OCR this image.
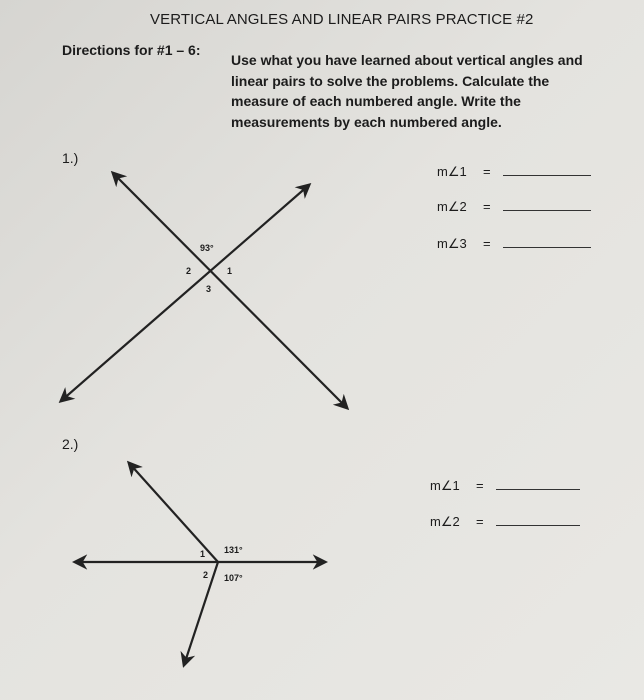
VERTICAL ANGLES AND LINEAR PAIRS PRACTICE #2
Directions for #1 – 6:
Use what you have learned about vertical angles and linear pairs to solve the problems. Calculate the measure of each numbered angle. Write the measurements by each numbered angle.
1.)
2.)
m∠1	=
m∠2	=
m∠3	=
m∠1	=
m∠2	=
93°
1
2
3
1
2
131°
107°
